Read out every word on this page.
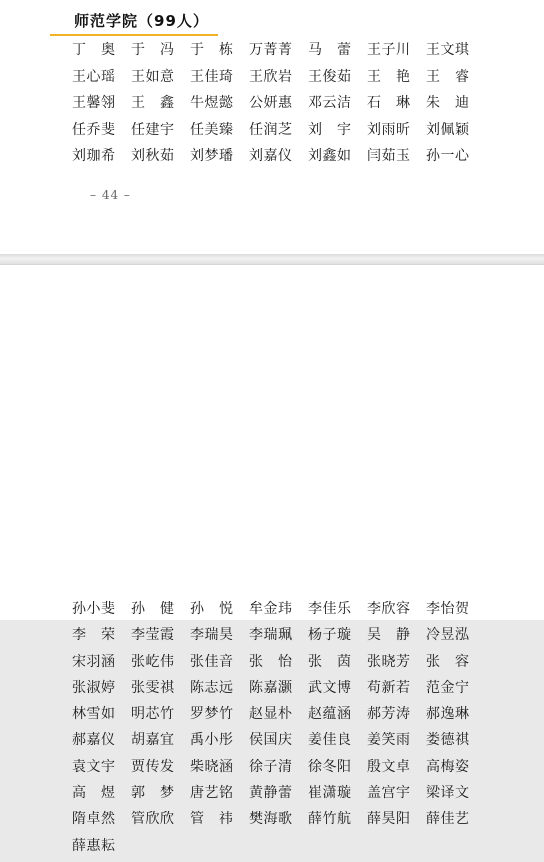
师范学院（99人）
丁　奥	于　冯	于　栋	万菁菁	马　蕾	王子川	王文琪
王心瑶	王如意	王佳琦	王欣岩	王俊茹	王　艳	王　睿
王馨翎	王　鑫	牛煜懿	公妍惠	邓云洁	石　琳	朱　迪
任乔斐	任建宇	任美臻	任润芝	刘　宇	刘雨昕	刘佩颖
刘珈希	刘秋茹	刘梦璠	刘嘉仪	刘鑫如	闫茹玉	孙一心
– 44 –
孙小斐	孙　健	孙　悦	牟金玮	李佳乐	李欣容	李怡贺
李　荣	李莹霞	李瑞昊	李瑞珮	杨子璇	吴　静	冷昱泓
宋羽涵	张屹伟	张佳音	张　怡	张　茵	张晓芳	张　容
张淑婷	张雯祺	陈志远	陈嘉灏	武文博	苟新若	范金宁
林雪如	明芯竹	罗梦竹	赵显朴	赵蕴涵	郝芳涛	郝逸琳
郝嘉仪	胡嘉宜	禹小彤	侯国庆	姜佳良	姜笑雨	娄德祺
袁文宇	贾传发	柴晓涵	徐子清	徐冬阳	殷文卓	高梅姿
高　煜	郭　梦	唐艺铭	黄静蕾	崔潇璇	盖宫宇	梁译文
隋卓然	管欣欣	管　祎	樊海歌	薛竹航	薛昊阳	薛佳艺
薛惠耘
